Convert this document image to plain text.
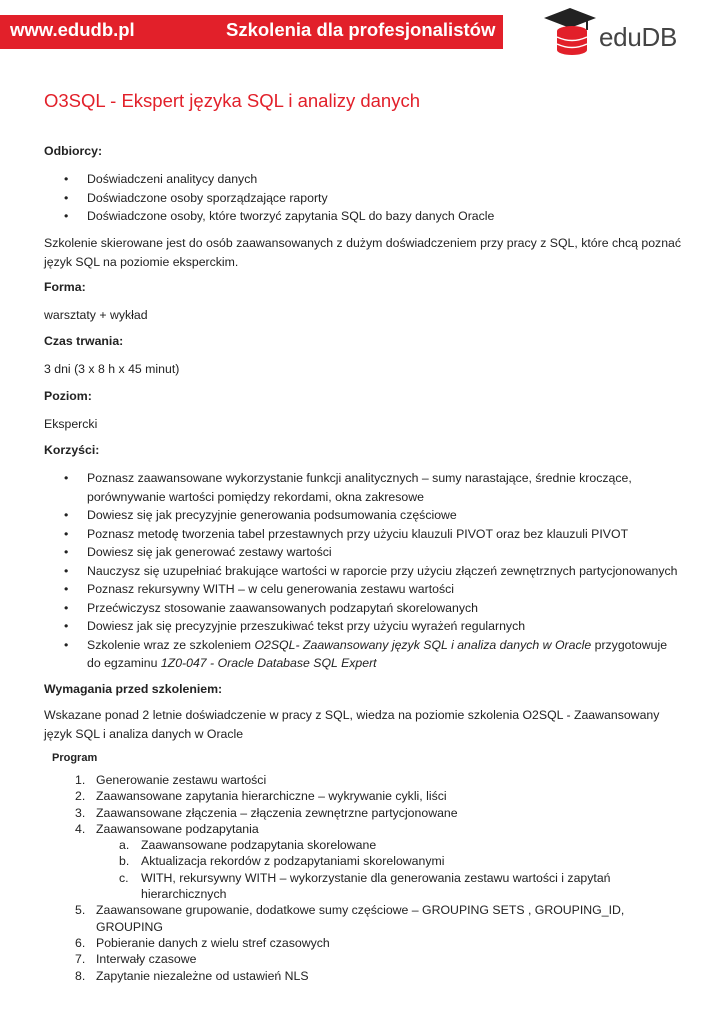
www.edudb.pl	Szkolenia dla profesjonalistów	eduDB
O3SQL - Ekspert języka SQL i analizy danych
Odbiorcy:
• Doświadczeni analitycy danych
• Doświadczone osoby sporządzające raporty
• Doświadczone osoby, które tworzyć zapytania SQL do bazy danych Oracle

Szkolenie skierowane jest do osób zaawansowanych z dużym doświadczeniem przy pracy z SQL, które chcą poznać język SQL na poziomie eksperckim.

Forma:
warsztaty + wykład
Czas trwania:
3 dni (3 x 8 h x 45 minut)
Poziom:
Ekspercki
Korzyści:
• Poznasz zaawansowane wykorzystanie funkcji analitycznych – sumy narastające, średnie kroczące, porównywanie wartości pomiędzy rekordami, okna zakresowe
• Dowiesz się jak precyzyjnie generowania podsumowania częściowe
• Poznasz metodę tworzenia tabel przestawnych przy użyciu klauzuli PIVOT oraz bez klauzuli PIVOT
• Dowiesz się jak generować zestawy wartości
• Nauczysz się uzupełniać brakujące wartości w raporcie przy użyciu złączeń zewnętrznych partycjonowanych
• Poznasz rekursywny WITH – w celu generowania zestawu wartości
• Przećwiczysz stosowanie zaawansowanych podzapytań skorelowanych
• Dowiesz jak się precyzyjnie przeszukiwać tekst przy użyciu wyrażeń regularnych
• Szkolenie wraz ze szkoleniem O2SQL- Zaawansowany język SQL i analiza danych w Oracle przygotowuje do egzaminu 1Z0-047 - Oracle Database SQL Expert
Wymagania przed szkoleniem:

Wskazane ponad 2 letnie doświadczenie w pracy z SQL, wiedza na poziomie szkolenia O2SQL - Zaawansowany język SQL i analiza danych w Oracle

Program
1. Generowanie zestawu wartości
2. Zaawansowane zapytania hierarchiczne – wykrywanie cykli, liści
3. Zaawansowane złączenia – złączenia zewnętrzne partycjonowane
4. Zaawansowane podzapytania
a. Zaawansowane podzapytania skorelowane
b. Aktualizacja rekordów z podzapytaniami skorelowanymi
c. WITH, rekursywny WITH – wykorzystanie dla generowania zestawu wartości i zapytań hierarchicznych
5. Zaawansowane grupowanie, dodatkowe sumy częściowe – GROUPING SETS , GROUPING_ID, GROUPING
6. Pobieranie danych z wielu stref czasowych
7. Interwały czasowe
8. Zapytanie niezależne od ustawień NLS
